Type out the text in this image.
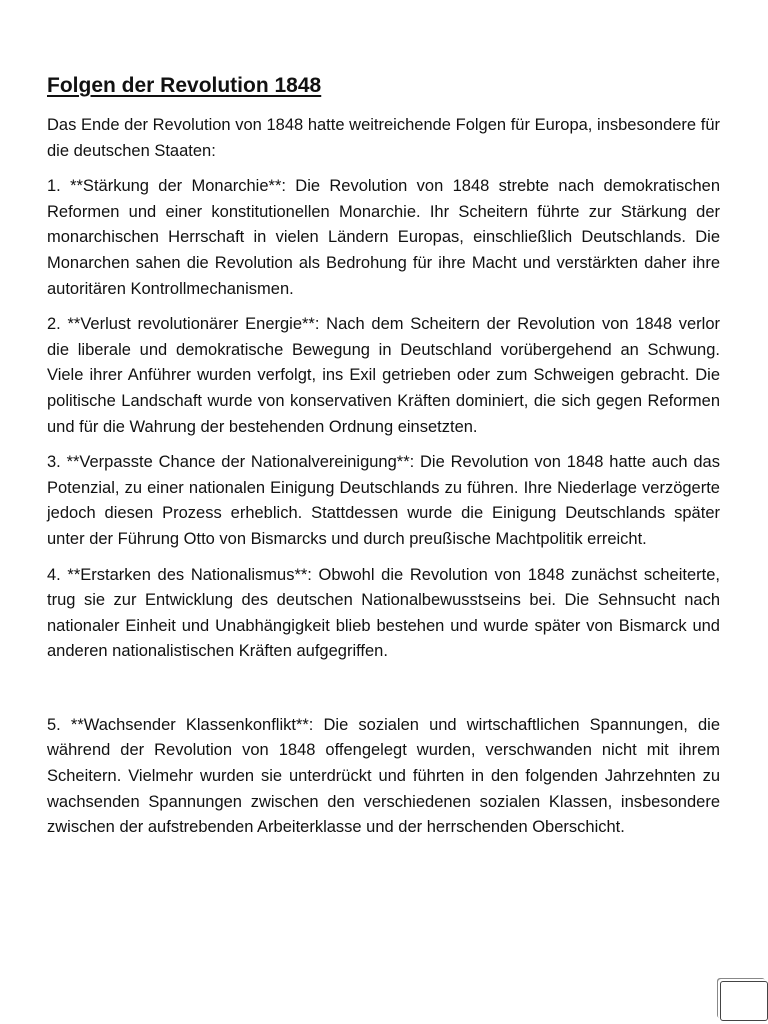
Folgen der Revolution 1848

Das Ende der Revolution von 1848 hatte weitreichende Folgen für Europa, insbesondere für die deutschen Staaten:

1. **Stärkung der Monarchie**: Die Revolution von 1848 strebte nach demokratischen Reformen und einer konstitutionellen Monarchie. Ihr Scheitern führte zur Stärkung der monarchischen Herrschaft in vielen Ländern Europas, einschließlich Deutschlands. Die Monarchen sahen die Revolution als Bedrohung für ihre Macht und verstärkten daher ihre autoritären Kontrollmechanismen.

2. **Verlust revolutionärer Energie**: Nach dem Scheitern der Revolution von 1848 verlor die liberale und demokratische Bewegung in Deutschland vorübergehend an Schwung. Viele ihrer Anführer wurden verfolgt, ins Exil getrieben oder zum Schweigen gebracht. Die politische Landschaft wurde von konservativen Kräften dominiert, die sich gegen Reformen und für die Wahrung der bestehenden Ordnung einsetzten.

3. **Verpasste Chance der Nationalvereinigung**: Die Revolution von 1848 hatte auch das Potenzial, zu einer nationalen Einigung Deutschlands zu führen. Ihre Niederlage verzögerte jedoch diesen Prozess erheblich. Stattdessen wurde die Einigung Deutschlands später unter der Führung Otto von Bismarcks und durch preußische Machtpolitik erreicht.

4. **Erstarken des Nationalismus**: Obwohl die Revolution von 1848 zunächst scheiterte, trug sie zur Entwicklung des deutschen Nationalbewusstseins bei. Die Sehnsucht nach nationaler Einheit und Unabhängigkeit blieb bestehen und wurde später von Bismarck und anderen nationalistischen Kräften aufgegriffen.

5. **Wachsender Klassenkonflikt**: Die sozialen und wirtschaftlichen Spannungen, die während der Revolution von 1848 offengelegt wurden, verschwanden nicht mit ihrem Scheitern. Vielmehr wurden sie unterdrückt und führten in den folgenden Jahrzehnten zu wachsenden Spannungen zwischen den verschiedenen sozialen Klassen, insbesondere zwischen der aufstrebenden Arbeiterklasse und der herrschenden Oberschicht.
